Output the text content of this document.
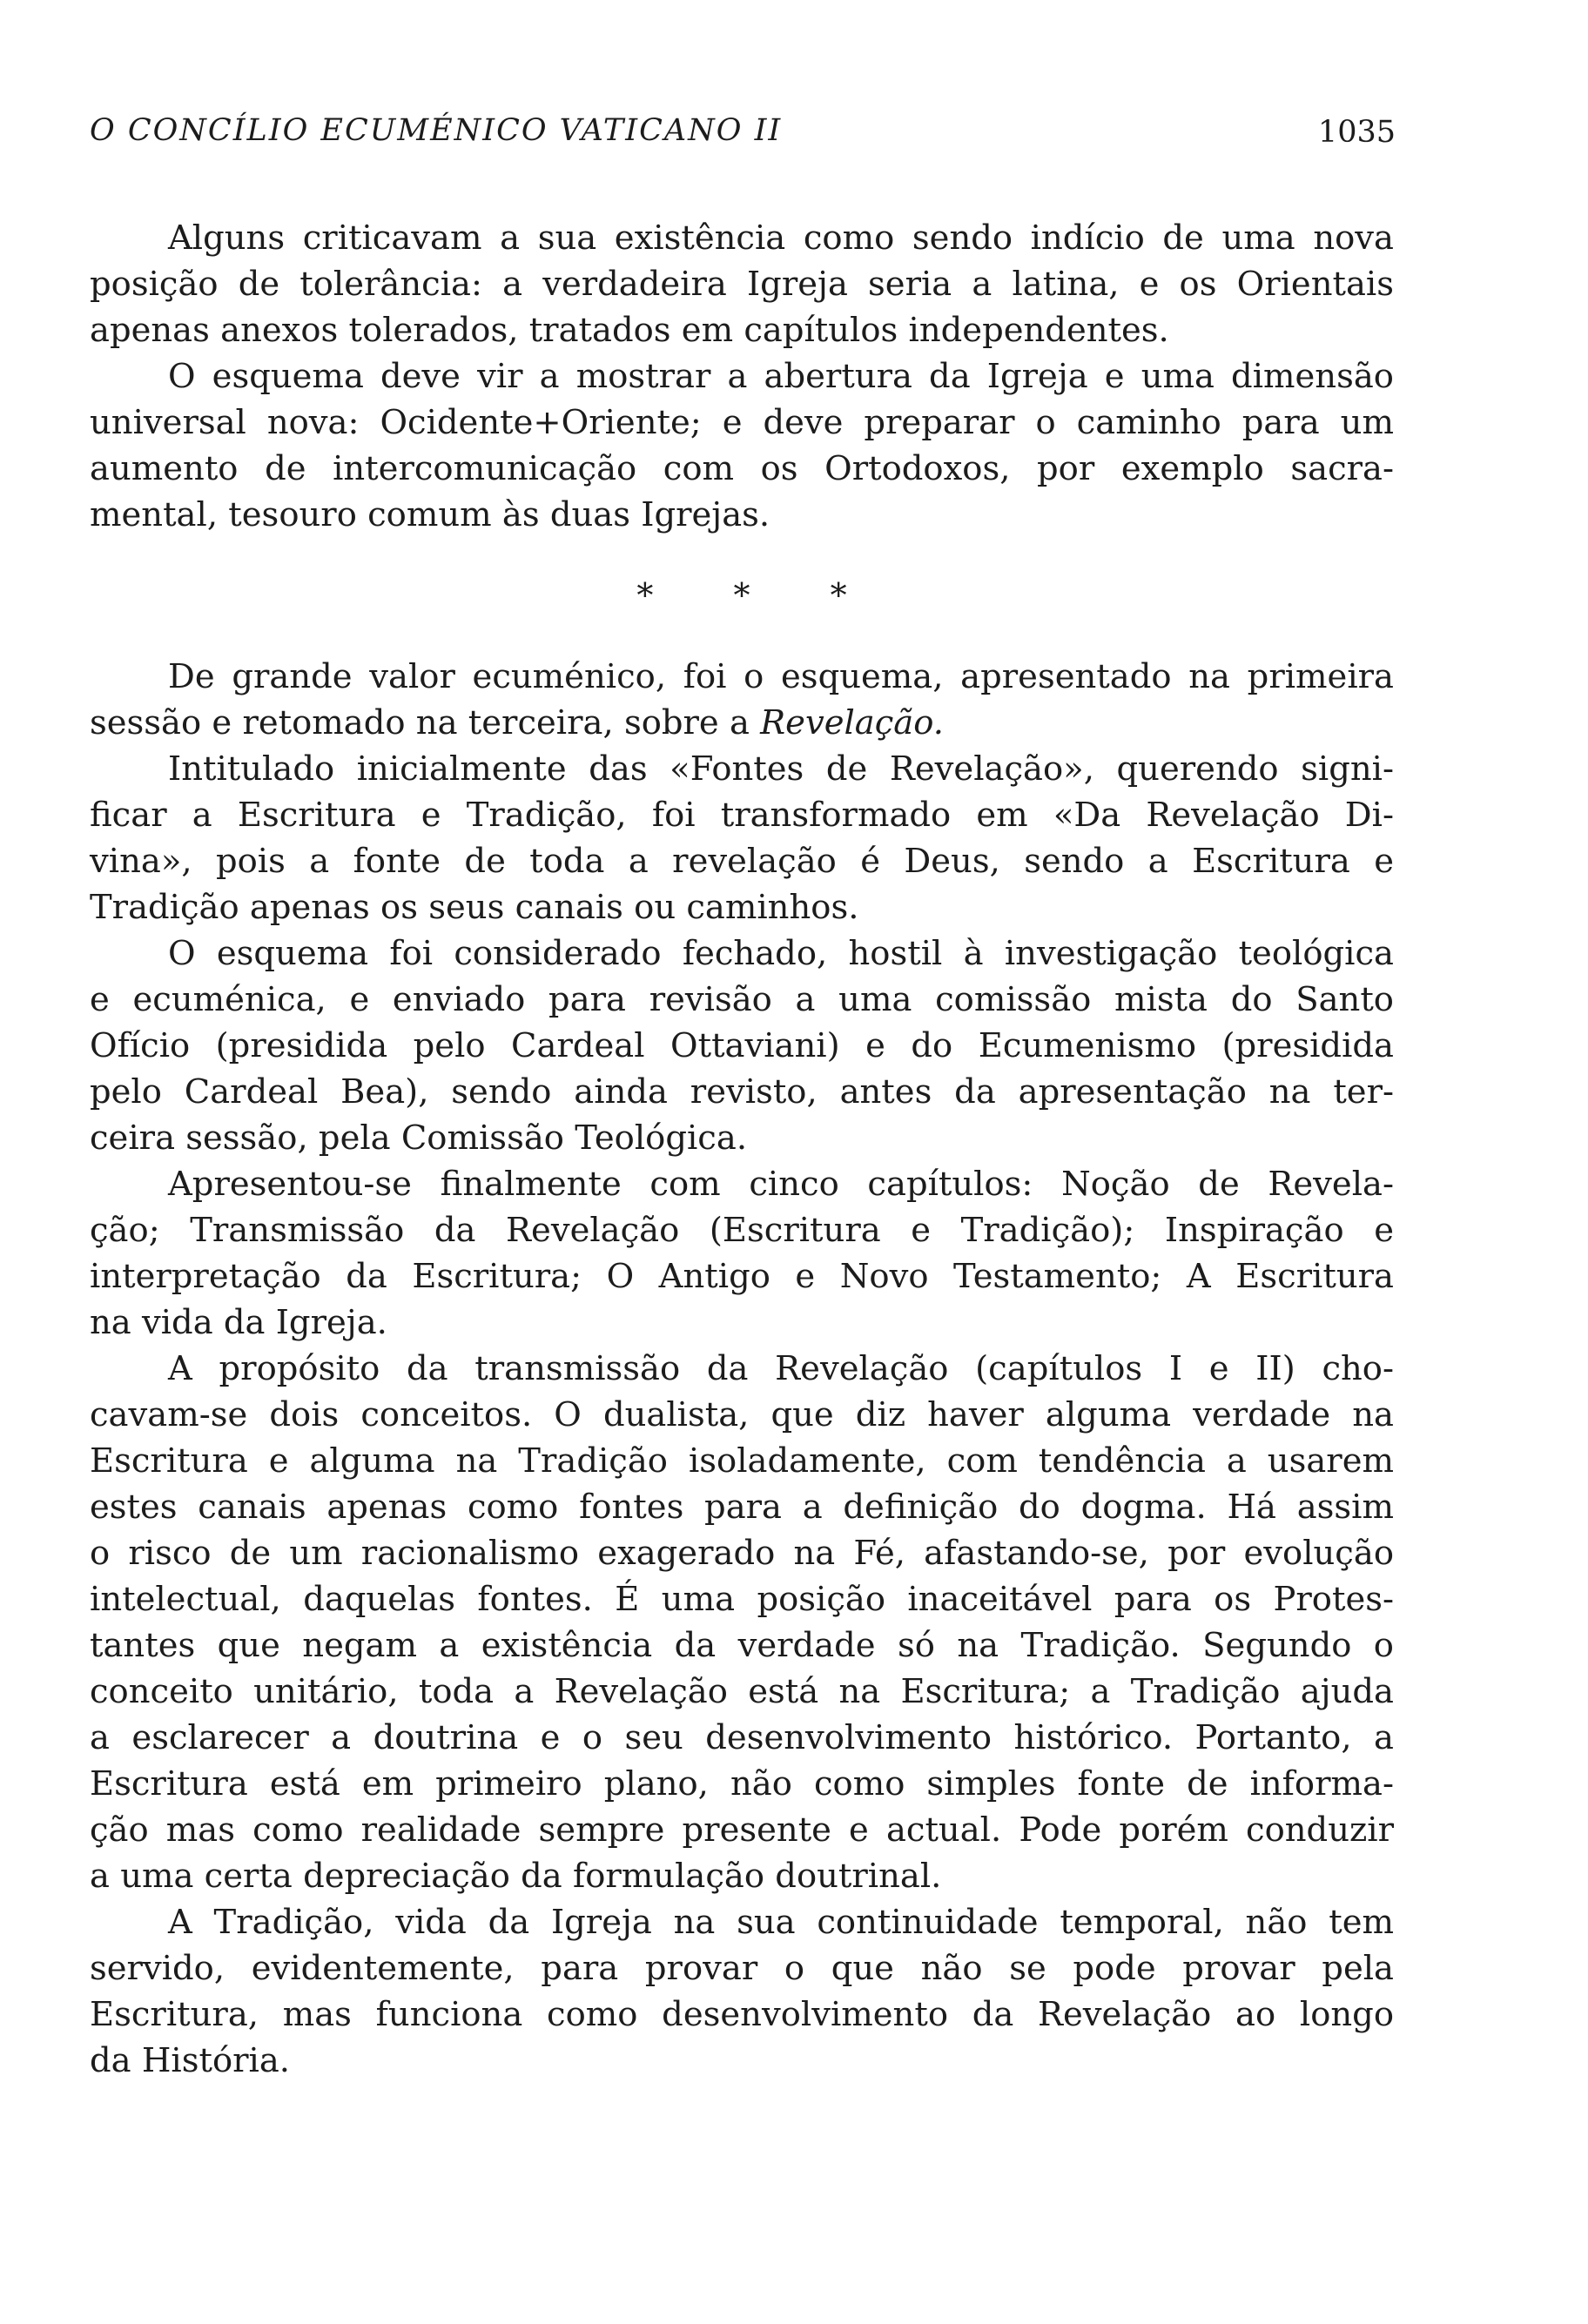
O CONCÍLIO ECUMÉNICO VATICANO II	1035
Alguns criticavam a sua existência como sendo indício de uma nova
posição de tolerância: a verdadeira Igreja seria a latina, e os Orientais
apenas anexos tolerados, tratados em capítulos independentes.
O esquema deve vir a mostrar a abertura da Igreja e uma dimensão
universal nova: Ocidente+Oriente; e deve preparar o caminho para um
aumento de intercomunicação com os Ortodoxos, por exemplo sacra-
mental, tesouro comum às duas Igrejas.
* * *
De grande valor ecuménico, foi o esquema, apresentado na primeira
sessão e retomado na terceira, sobre a Revelação.
Intitulado inicialmente das «Fontes de Revelação», querendo signi-
ficar a Escritura e Tradição, foi transformado em «Da Revelação Di-
vina», pois a fonte de toda a revelação é Deus, sendo a Escritura e
Tradição apenas os seus canais ou caminhos.
O esquema foi considerado fechado, hostil à investigação teológica
e ecuménica, e enviado para revisão a uma comissão mista do Santo
Ofício (presidida pelo Cardeal Ottaviani) e do Ecumenismo (presidida
pelo Cardeal Bea), sendo ainda revisto, antes da apresentação na ter-
ceira sessão, pela Comissão Teológica.
Apresentou-se finalmente com cinco capítulos: Noção de Revela-
ção; Transmissão da Revelação (Escritura e Tradição); Inspiração e
interpretação da Escritura; O Antigo e Novo Testamento; A Escritura
na vida da Igreja.
A propósito da transmissão da Revelação (capítulos I e II) cho-
cavam-se dois conceitos. O dualista, que diz haver alguma verdade na
Escritura e alguma na Tradição isoladamente, com tendência a usarem
estes canais apenas como fontes para a definição do dogma. Há assim
o risco de um racionalismo exagerado na Fé, afastando-se, por evolução
intelectual, daquelas fontes. É uma posição inaceitável para os Protes-
tantes que negam a existência da verdade só na Tradição. Segundo o
conceito unitário, toda a Revelação está na Escritura; a Tradição ajuda
a esclarecer a doutrina e o seu desenvolvimento histórico. Portanto, a
Escritura está em primeiro plano, não como simples fonte de informa-
ção mas como realidade sempre presente e actual. Pode porém conduzir
a uma certa depreciação da formulação doutrinal.
A Tradição, vida da Igreja na sua continuidade temporal, não tem
servido, evidentemente, para provar o que não se pode provar pela
Escritura, mas funciona como desenvolvimento da Revelação ao longo
da História.
